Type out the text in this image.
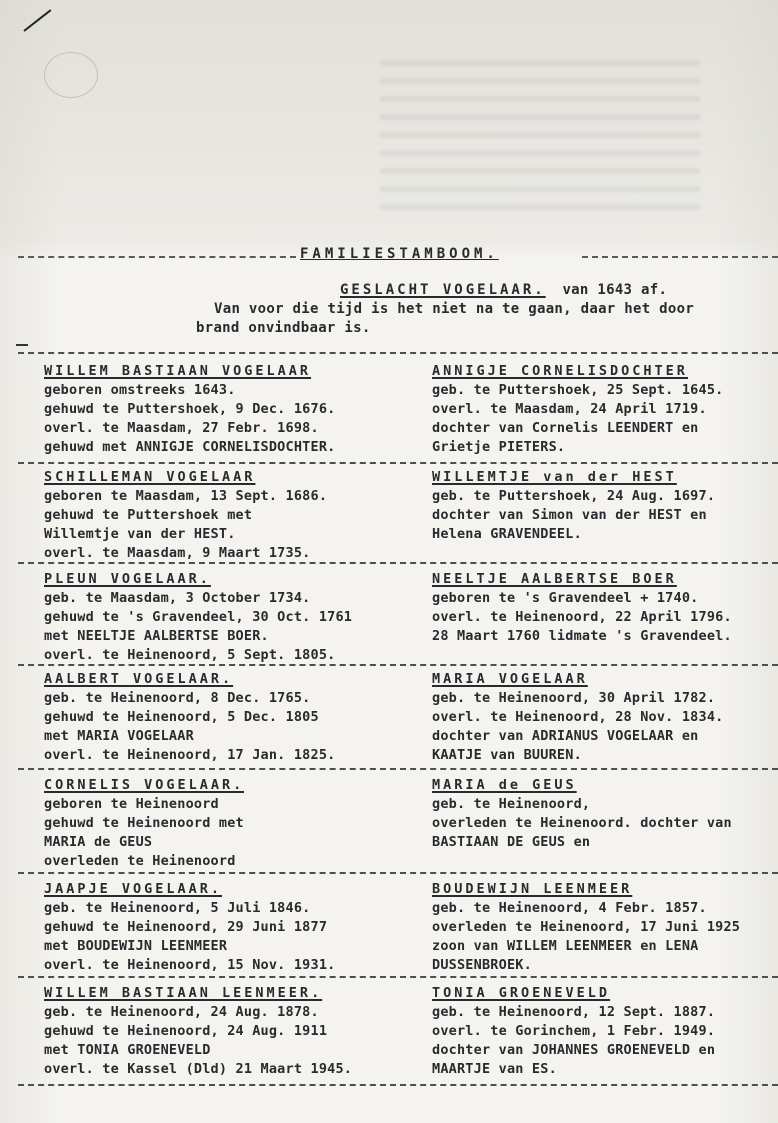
FAMILIESTAMBOOM.
GESLACHT VOGELAAR. van 1643 af.
Van voor die tijd is het niet na te gaan, daar het door
brand onvindbaar is.
WILLEM BASTIAAN VOGELAAR
geboren omstreeks 1643.
gehuwd te Puttershoek, 9 Dec. 1676.
overl. te Maasdam, 27 Febr. 1698.
gehuwd met ANNIGJE CORNELISDOCHTER.
ANNIGJE CORNELISDOCHTER
geb. te Puttershoek, 25 Sept. 1645.
overl. te Maasdam, 24 April 1719.
dochter van Cornelis LEENDERT en
Grietje PIETERS.
SCHILLEMAN VOGELAAR
geboren te Maasdam, 13 Sept. 1686.
gehuwd te Puttershoek met
Willemtje van der HEST.
overl. te Maasdam, 9 Maart 1735.
WILLEMTJE van der HEST
geb. te Puttershoek, 24 Aug. 1697.
dochter van Simon van der HEST en
Helena GRAVENDEEL.
PLEUN VOGELAAR.
geb. te Maasdam, 3 October 1734.
gehuwd te 's Gravendeel, 30 Oct. 1761
met NEELTJE AALBERTSE BOER.
overl. te Heinenoord, 5 Sept. 1805.
NEELTJE AALBERTSE BOER
geboren te 's Gravendeel + 1740.
overl. te Heinenoord, 22 April 1796.
28 Maart 1760 lidmate 's Gravendeel.
AALBERT VOGELAAR.
geb. te Heinenoord, 8 Dec. 1765.
gehuwd te Heinenoord, 5 Dec. 1805
met MARIA VOGELAAR
overl. te Heinenoord, 17 Jan. 1825.
MARIA VOGELAAR
geb. te Heinenoord, 30 April 1782.
overl. te Heinenoord, 28 Nov. 1834.
dochter van ADRIANUS VOGELAAR en
KAATJE van BUUREN.
CORNELIS VOGELAAR.
geboren te Heinenoord
gehuwd te Heinenoord met
MARIA de GEUS
overleden te Heinenoord
MARIA de GEUS
geb. te Heinenoord,
overleden te Heinenoord. dochter van
BASTIAAN DE GEUS en
JAAPJE VOGELAAR.
geb. te Heinenoord, 5 Juli 1846.
gehuwd te Heinenoord, 29 Juni 1877
met BOUDEWIJN LEENMEER
overl. te Heinenoord, 15 Nov. 1931.
BOUDEWIJN LEENMEER
geb. te Heinenoord, 4 Febr. 1857.
overleden te Heinenoord, 17 Juni 1925
zoon van WILLEM LEENMEER en LENA
DUSSENBROEK.
WILLEM BASTIAAN LEENMEER.
geb. te Heinenoord, 24 Aug. 1878.
gehuwd te Heinenoord, 24 Aug. 1911
met TONIA GROENEVELD
overl. te Kassel (Dld) 21 Maart 1945.
TONIA GROENEVELD
geb. te Heinenoord, 12 Sept. 1887.
overl. te Gorinchem, 1 Febr. 1949.
dochter van JOHANNES GROENEVELD en
MAARTJE van ES.
